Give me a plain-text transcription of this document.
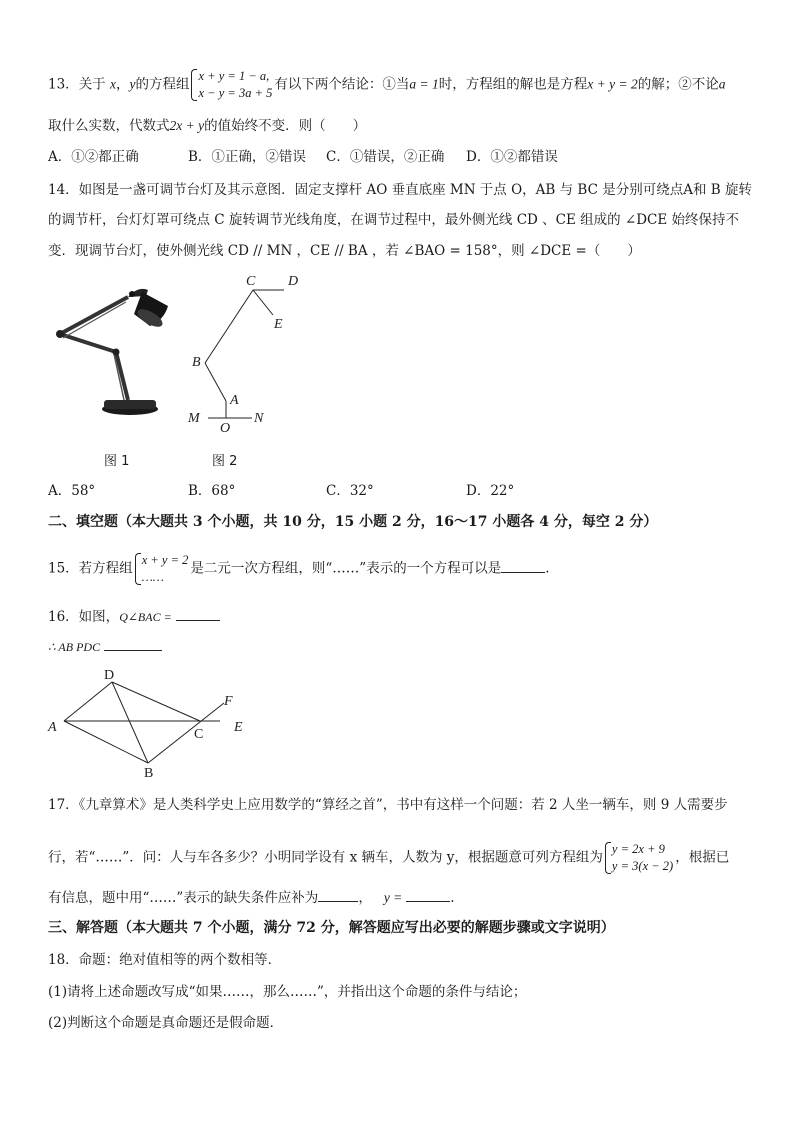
13．关于 x，y的方程组
x + y = 1 − a,
x − y = 3a + 5
有以下两个结论：①当a = 1时，方程组的解也是方程x + y = 2的解；②不论a
取什么实数，代数式2x + y的值始终不变．则（　　）
A．①②都正确	B．①正确，②错误 C．①错误，②正确 D．①②都错误
14．如图是一盏可调节台灯及其示意图．固定支撑杆 AO 垂直底座 MN 于点 O，AB 与 BC 是分别可绕点A和 B 旋转
的调节杆，台灯灯罩可绕点 C 旋转调节光线角度，在调节过程中，最外侧光线 CD 、CE 组成的 ∠DCE 始终保持不
变．现调节台灯，使外侧光线 CD // MN ，CE // BA ，若 ∠BAO = 158°，则 ∠DCE =（　　）
图 1
C D
E
B
A
M
O
N
图 2
A．58°	B．68°	C．32°	D．22°
二、填空题（本大题共 3 个小题，共 10 分，15 小题 2 分，16～17 小题各 4 分，每空 2 分）
15．若方程组
x + y = 2
……
是二元一次方程组，则“……”表示的一个方程可以是	.
16．如图，Q∠BAC =
∴ AB PDC
D
A
B
C
F
E
17．《九章算术》是人类科学史上应用数学的“算经之首”，书中有这样一个问题：若 2 人坐一辆车，则 9 人需要步
行，若“……”．问：人与车各多少？小明同学设有 x 辆车，人数为 y，根据题意可列方程组为
y = 2x + 9
y = 3(x − 2)
，根据已
有信息，题中用“……”表示的缺失条件应补为	， y =	.
三、解答题（本大题共 7 个小题，满分 72 分，解答题应写出必要的解题步骤或文字说明）
18．命题：绝对值相等的两个数相等．
(1)请将上述命题改写成“如果……，那么……”，并指出这个命题的条件与结论；
(2)判断这个命题是真命题还是假命题．
